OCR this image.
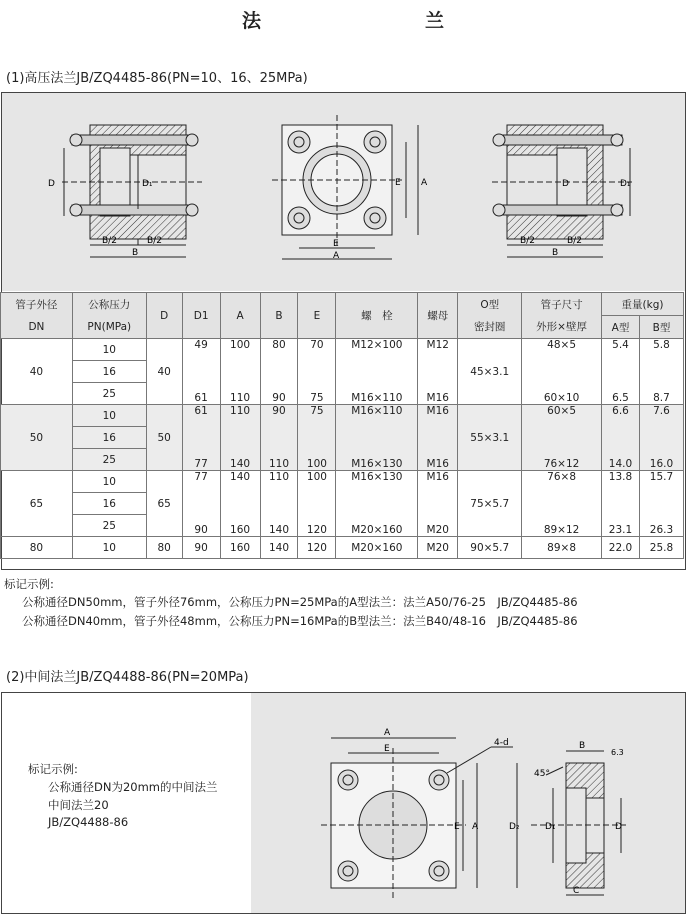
法　　兰
(1)高压法兰JB/ZQ4485-86(PN=10、16、25MPa)
D	D₁
B/2	B/2
B
E A
E
A
D	D₁
B/2	B/2
B
管子外径	公称压力	D	D1	A	B	E	螺　栓	螺母	O型	管子尺寸	重量(kg)	
DN	PN(MPa)								密封圈	外形×壁厚	A型	B型
40	10	40	49	100	80	70	M12×100	M12	45×3.1	48×5	5.4	5.8
	16											
	25		61	110	90	75	M16×110	M16		60×10	6.5	8.7
50	10	50	61	110	90	75	M16×110	M16	55×3.1	60×5	6.6	7.6
	16											
	25		77	140	110	100	M16×130	M16		76×12	14.0	16.0
65	10	65	77	140	110	100	M16×130	M16	75×5.7	76×8	13.8	15.7
	16											
	25		90	160	140	120	M20×160	M20		89×12	23.1	26.3
80	10	80	90	160	140	120	M20×160	M20	90×5.7	89×8	22.0	25.8
标记示例:
公称通径DN50mm，管子外径76mm，公称压力PN=25MPa的A型法兰：法兰A50/76-25　JB/ZQ4485-86
公称通径DN40mm，管子外径48mm，公称压力PN=16MPa的B型法兰：法兰B40/48-16　JB/ZQ4485-86
(2)中间法兰JB/ZQ4488-86(PN=20MPa)
标记示例:
公称通径DN为20mm的中间法兰
中间法兰20
JB/ZQ4488-86
A
E
E A
4-d	B
D₂	D₁	D
C
45°
6.3
